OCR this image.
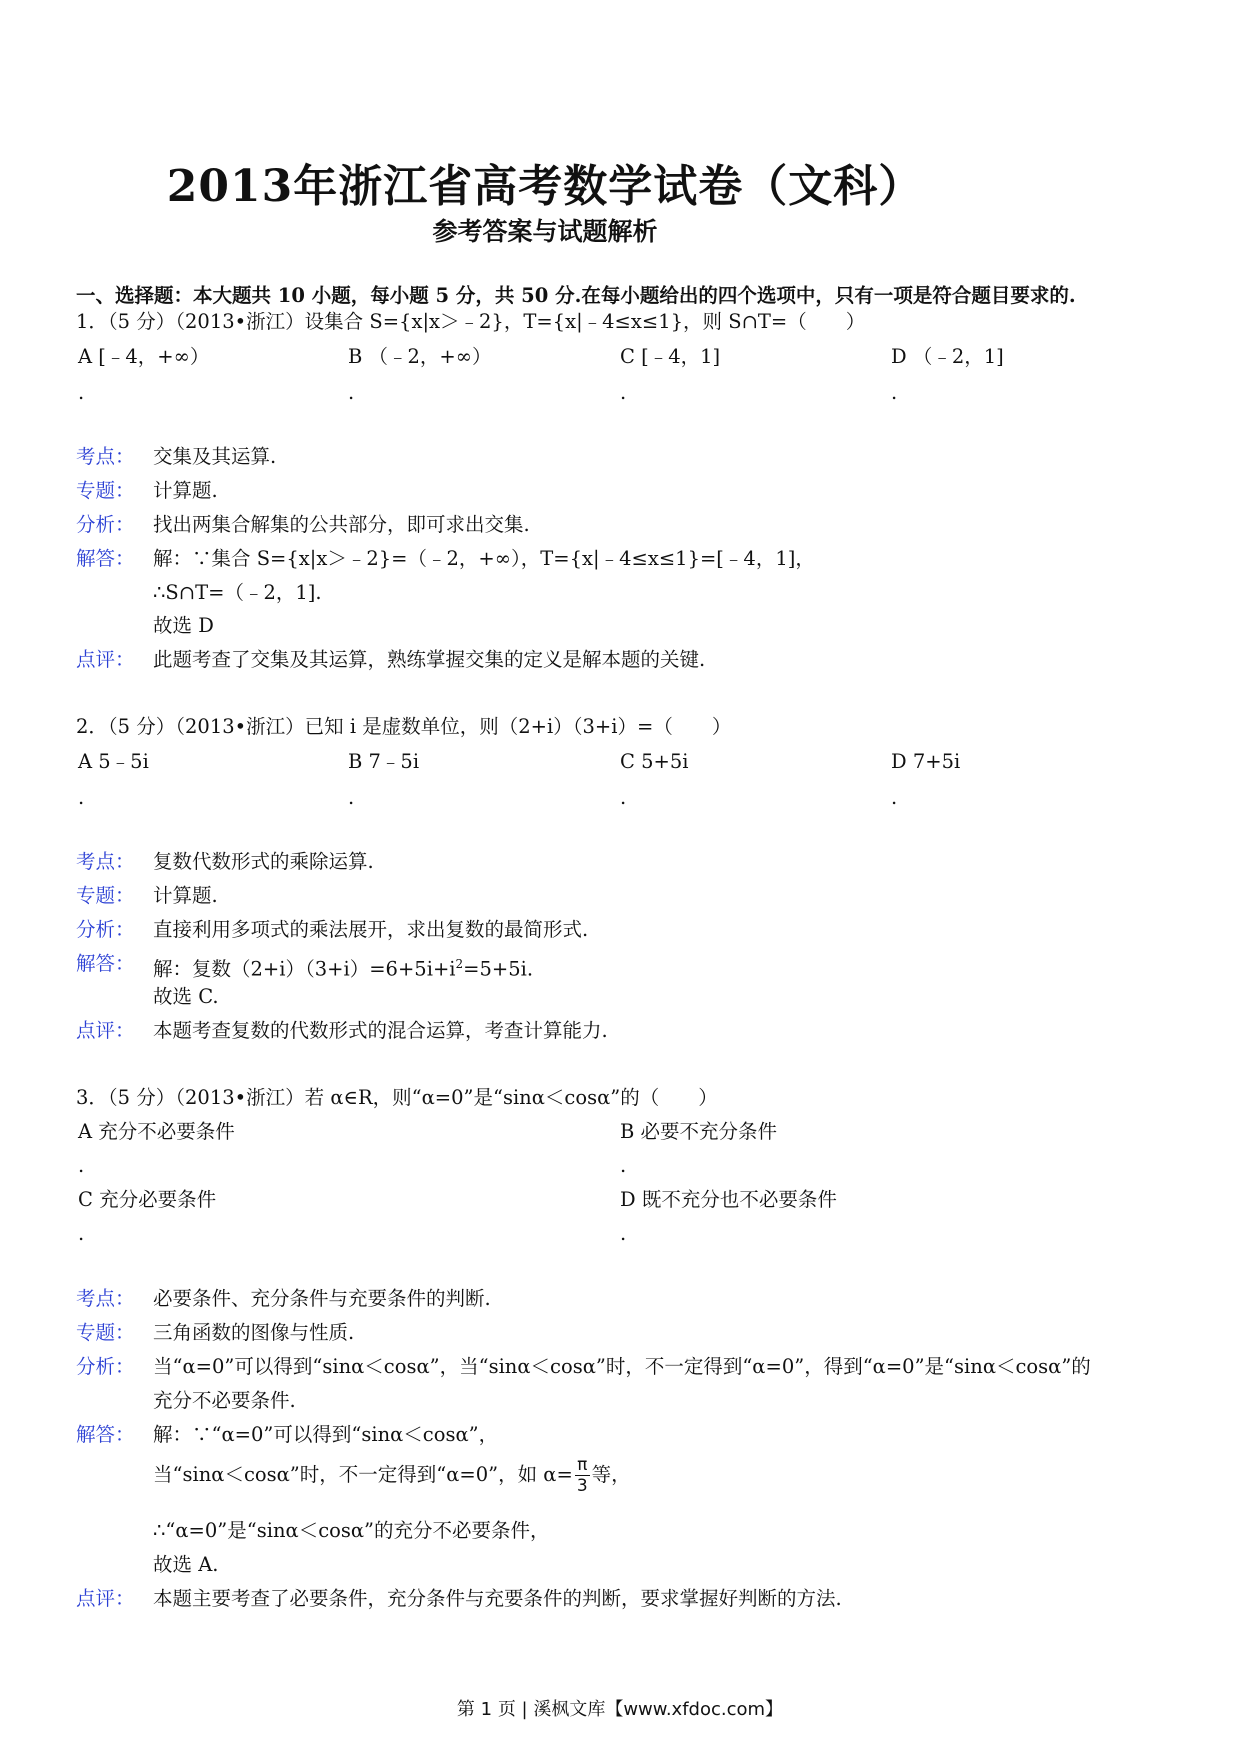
2013年浙江省高考数学试卷（文科）
参考答案与试题解析
一、选择题：本大题共 10 小题，每小题 5 分，共 50 分.在每小题给出的四个选项中，只有一项是符合题目要求的.
1．（5 分）（2013•浙江）设集合 S={x|x＞﹣2}，T={x|﹣4≤x≤1}，则 S∩T=（　　）
A [﹣4，+∞）	B （﹣2，+∞）	C [﹣4，1]	D （﹣2，1]
.	.	.	.
考点： 交集及其运算.
专题： 计算题.
分析： 找出两集合解集的公共部分，即可求出交集.
解答： 解：∵集合 S={x|x＞﹣2}=（﹣2，+∞），T={x|﹣4≤x≤1}=[﹣4，1]，
∴S∩T=（﹣2，1].
故选 D
点评： 此题考查了交集及其运算，熟练掌握交集的定义是解本题的关键.
2．（5 分）（2013•浙江）已知 i 是虚数单位，则（2+i）（3+i）=（　　）
A 5﹣5i	B 7﹣5i	C 5+5i	D 7+5i
.	.	.	.
考点： 复数代数形式的乘除运算.
专题： 计算题.
分析： 直接利用多项式的乘法展开，求出复数的最简形式.
解答： 解：复数$(2+i)(3+i)=6+5i+i^2=5+5i$.
故选 C.
点评： 本题考查复数的代数形式的混合运算，考查计算能力.
3．（5 分）（2013•浙江）若 α∈R，则“α=0”是“sinα＜cosα”的（　　）
A 充分不必要条件	B 必要不充分条件
.	.
C 充分必要条件	D 既不充分也不必要条件
.	.
考点： 必要条件、充分条件与充要条件的判断.
专题： 三角函数的图像与性质.
分析： 当“α=0”可以得到“sinα＜cosα”，当“sinα＜cosα”时，不一定得到“α=0”，得到“α=0”是“sinα＜cosα”的
充分不必要条件.
解答： 解：∵“α=0”可以得到“sinα＜cosα”，
当“sinα＜cosα”时，不一定得到“α=0”，如 $\alpha= \frac{\pi}{3}$ 等，
∴“α=0”是“sinα＜cosα”的充分不必要条件，
故选 A.
点评： 本题主要考查了必要条件，充分条件与充要条件的判断，要求掌握好判断的方法.
第 1 页 | 溪枫文库【www.xfdoc.com】
